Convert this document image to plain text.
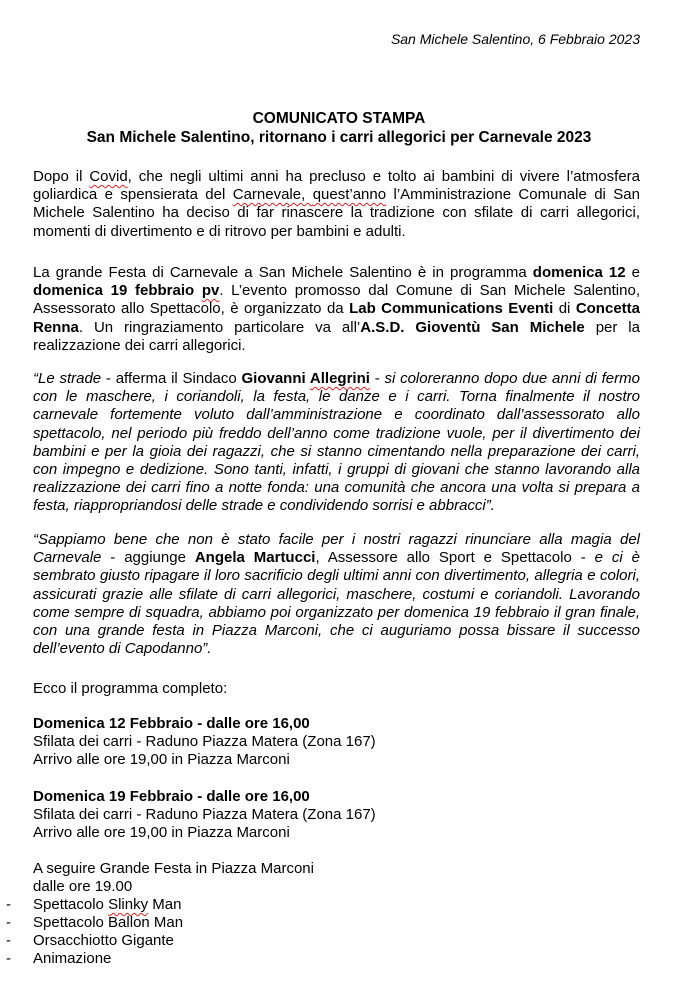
San Michele Salentino, 6 Febbraio 2023
COMUNICATO STAMPA
San Michele Salentino, ritornano i carri allegorici per Carnevale 2023
Dopo il Covid, che negli ultimi anni ha precluso e tolto ai bambini di vivere l’atmosfera goliardica e spensierata del Carnevale, quest’anno l’Amministrazione Comunale di San Michele Salentino ha deciso di far rinascere la tradizione con sfilate di carri allegorici, momenti di divertimento e di ritrovo per bambini e adulti.
La grande Festa di Carnevale a San Michele Salentino è in programma domenica 12 e domenica 19 febbraio pv. L’evento promosso dal Comune di San Michele Salentino, Assessorato allo Spettacolo, è organizzato da Lab Communications Eventi di Concetta Renna. Un ringraziamento particolare va all’A.S.D. Gioventù San Michele per la realizzazione dei carri allegorici.
“Le strade - afferma il Sindaco Giovanni Allegrini - si coloreranno dopo due anni di fermo con le maschere, i coriandoli, la festa, le danze e i carri. Torna finalmente il nostro carnevale fortemente voluto dall’amministrazione e coordinato dall’assessorato allo spettacolo, nel periodo più freddo dell’anno come tradizione vuole, per il divertimento dei bambini e per la gioia dei ragazzi, che si stanno cimentando nella preparazione dei carri, con impegno e dedizione. Sono tanti, infatti, i gruppi di giovani che stanno lavorando alla realizzazione dei carri fino a notte fonda: una comunità che ancora una volta si prepara a festa, riappropriandosi delle strade e condividendo sorrisi e abbracci”.
“Sappiamo bene che non è stato facile per i nostri ragazzi rinunciare alla magia del Carnevale - aggiunge Angela Martucci, Assessore allo Sport e Spettacolo - e ci è sembrato giusto ripagare il loro sacrificio degli ultimi anni con divertimento, allegria e colori, assicurati grazie alle sfilate di carri allegorici, maschere, costumi e coriandoli. Lavorando come sempre di squadra, abbiamo poi organizzato per domenica 19 febbraio il gran finale, con una grande festa in Piazza Marconi, che ci auguriamo possa bissare il successo dell’evento di Capodanno”.
Ecco il programma completo:
Domenica 12 Febbraio - dalle ore 16,00
Sfilata dei carri - Raduno Piazza Matera (Zona 167)
Arrivo alle ore 19,00 in Piazza Marconi
Domenica 19 Febbraio - dalle ore 16,00
Sfilata dei carri - Raduno Piazza Matera (Zona 167)
Arrivo alle ore 19,00 in Piazza Marconi
A seguire Grande Festa in Piazza Marconi
dalle ore 19.00
- Spettacolo Slinky Man
- Spettacolo Ballon Man
- Orsacchiotto Gigante
- Animazione
